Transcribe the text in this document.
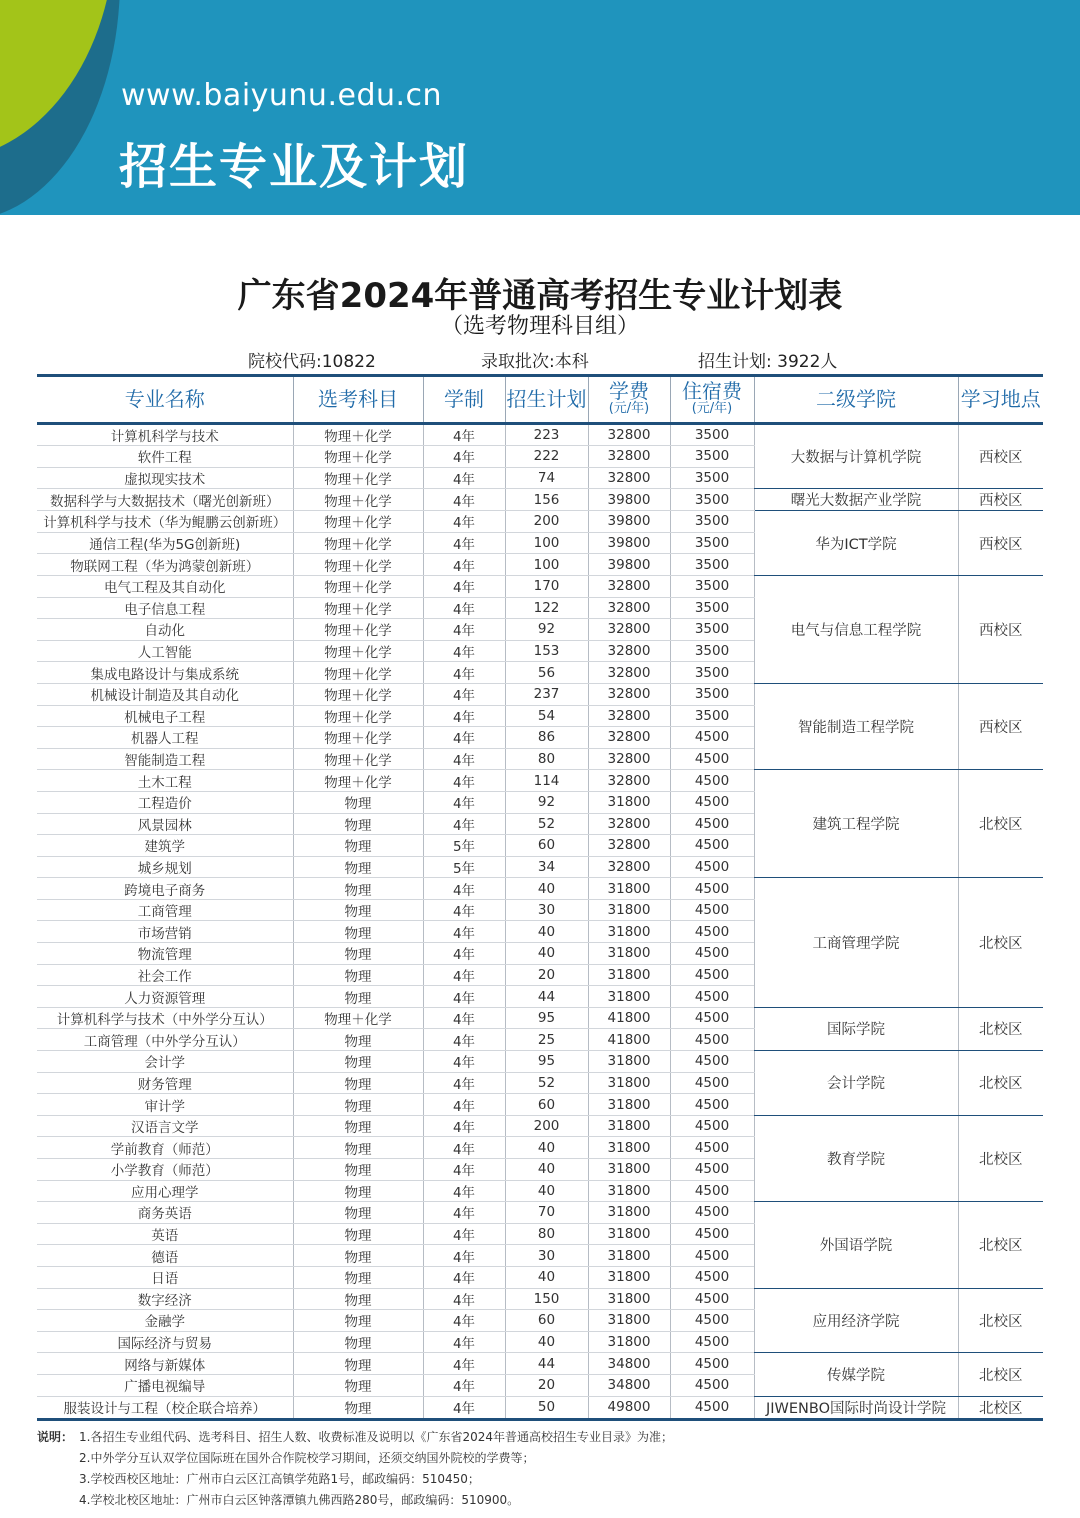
www.baiyunu.edu.cn
招生专业及计划
广东省2024年普通高考招生专业计划表
（选考物理科目组）
院校代码:10822	录取批次:本科	招生计划: 3922人
专业名称	选考科目	学制	招生计划	学费
(元/年)	住宿费
(元/年)	二级学院	学习地点
计算机科学与技术	物理＋化学	4年	223	32800	3500	大数据与计算机学院	西校区
软件工程	物理＋化学	4年	222	32800	3500		
虚拟现实技术	物理＋化学	4年	74	32800	3500		
数据科学与大数据技术（曙光创新班）	物理＋化学	4年	156	39800	3500	曙光大数据产业学院	西校区
计算机科学与技术（华为鲲鹏云创新班）	物理＋化学	4年	200	39800	3500	华为ICT学院	西校区
通信工程(华为5G创新班)	物理＋化学	4年	100	39800	3500		
物联网工程（华为鸿蒙创新班）	物理＋化学	4年	100	39800	3500		
电气工程及其自动化	物理＋化学	4年	170	32800	3500	电气与信息工程学院	西校区
电子信息工程	物理＋化学	4年	122	32800	3500		
自动化	物理＋化学	4年	92	32800	3500		
人工智能	物理＋化学	4年	153	32800	3500		
集成电路设计与集成系统	物理＋化学	4年	56	32800	3500		
机械设计制造及其自动化	物理＋化学	4年	237	32800	3500	智能制造工程学院	西校区
机械电子工程	物理＋化学	4年	54	32800	3500		
机器人工程	物理＋化学	4年	86	32800	4500		
智能制造工程	物理＋化学	4年	80	32800	4500		
土木工程	物理＋化学	4年	114	32800	4500	建筑工程学院	北校区
工程造价	物理	4年	92	31800	4500		
风景园林	物理	4年	52	32800	4500		
建筑学	物理	5年	60	32800	4500		
城乡规划	物理	5年	34	32800	4500		
跨境电子商务	物理	4年	40	31800	4500	工商管理学院	北校区
工商管理	物理	4年	30	31800	4500		
市场营销	物理	4年	40	31800	4500		
物流管理	物理	4年	40	31800	4500		
社会工作	物理	4年	20	31800	4500		
人力资源管理	物理	4年	44	31800	4500		
计算机科学与技术（中外学分互认）	物理＋化学	4年	95	41800	4500	国际学院	北校区
工商管理（中外学分互认）	物理	4年	25	41800	4500		
会计学	物理	4年	95	31800	4500	会计学院	北校区
财务管理	物理	4年	52	31800	4500		
审计学	物理	4年	60	31800	4500		
汉语言文学	物理	4年	200	31800	4500	教育学院	北校区
学前教育（师范）	物理	4年	40	31800	4500		
小学教育（师范）	物理	4年	40	31800	4500		
应用心理学	物理	4年	40	31800	4500		
商务英语	物理	4年	70	31800	4500	外国语学院	北校区
英语	物理	4年	80	31800	4500		
德语	物理	4年	30	31800	4500		
日语	物理	4年	40	31800	4500		
数字经济	物理	4年	150	31800	4500	应用经济学院	北校区
金融学	物理	4年	60	31800	4500		
国际经济与贸易	物理	4年	40	31800	4500		
网络与新媒体	物理	4年	44	34800	4500	传媒学院	北校区
广播电视编导	物理	4年	20	34800	4500		
服装设计与工程（校企联合培养）	物理	4年	50	49800	4500	JIWENBO国际时尚设计学院	北校区
说明： 1.各招生专业组代码、选考科目、招生人数、收费标准及说明以《广东省2024年普通高校招生专业目录》为准；
2.中外学分互认双学位国际班在国外合作院校学习期间，还须交纳国外院校的学费等；
3.学校西校区地址：广州市白云区江高镇学苑路1号，邮政编码：510450；
4.学校北校区地址：广州市白云区钟落潭镇九佛西路280号，邮政编码：510900。
